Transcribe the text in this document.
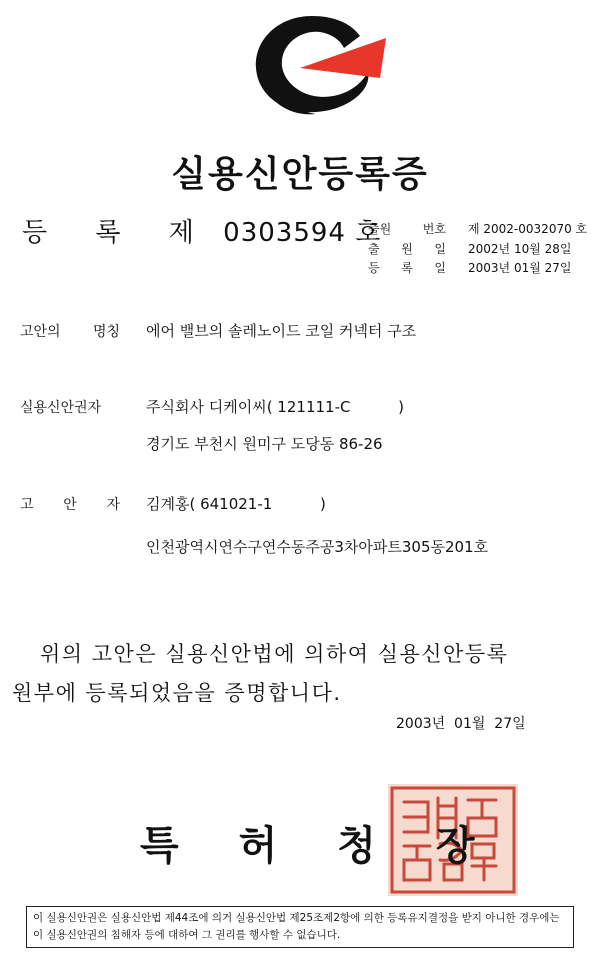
실용신안등록증
등 록 제 0303594 호
출원 번호 제 2002-0032070 호
출 원 일 2002년 10월 28일
등 록 일 2003년 01월 27일
고안의 명칭 에어 밸브의 솔레노이드 코일 커넥터 구조
실용신안권자	주식회사 디케이씨( 121111-C          )
경기도 부천시 원미구 도당동 86-26
고 안 자 김계홍( 641021-1          )
인천광역시연수구연수동주공3차아파트305동201호
위의 고안은 실용신안법에 의하여 실용신안등록
원부에 등록되었음을 증명합니다.
2003년  01월  27일
특허청장
이 실용신안권은 실용신안법 제44조에 의거 실용신안법 제25조제2항에 의한 등록유지결정을 받지 아니한 경우에는 이 실용신안권의 침해자 등에 대하여 그 권리를 행사할 수 없습니다.
